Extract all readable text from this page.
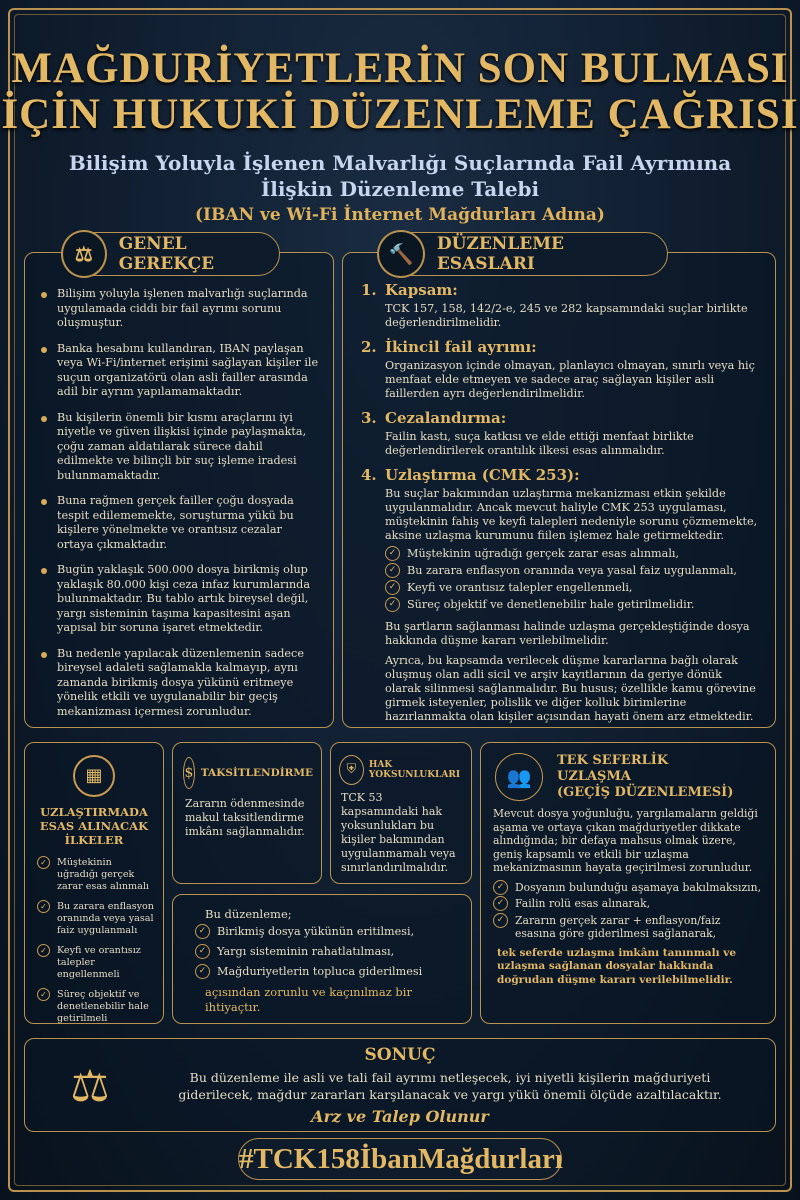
MAĞDURİYETLERİN SON BULMASI
İÇİN HUKUKİ DÜZENLEME ÇAĞRISI
Bilişim Yoluyla İşlenen Malvarlığı Suçlarında Fail Ayrımına
İlişkin Düzenleme Talebi
(IBAN ve Wi-Fi İnternet Mağdurları Adına)
Bilişim yoluyla işlenen malvarlığı suçlarında uygulamada ciddi bir fail ayrımı sorunu oluşmuştur.
Banka hesabını kullandıran, IBAN paylaşan veya Wi-Fi/internet erişimi sağlayan kişiler ile suçun organizatörü olan asli failler arasında adil bir ayrım yapılamamaktadır.
Bu kişilerin önemli bir kısmı araçlarını iyi niyetle ve güven ilişkisi içinde paylaşmakta, çoğu zaman aldatılarak sürece dahil edilmekte ve bilinçli bir suç işleme iradesi bulunmamaktadır.
Buna rağmen gerçek failler çoğu dosyada tespit edilememekte, soruşturma yükü bu kişilere yönelmekte ve orantısız cezalar ortaya çıkmaktadır.
Bugün yaklaşık 500.000 dosya birikmiş olup yaklaşık 80.000 kişi ceza infaz kurumlarında bulunmaktadır. Bu tablo artık bireysel değil, yargı sisteminin taşıma kapasitesini aşan yapısal bir soruna işaret etmektedir.
Bu nedenle yapılacak düzenlemenin sadece bireysel adaleti sağlamakla kalmayıp, aynı zamanda birikmiş dosya yükünü eritmeye yönelik etkili ve uygulanabilir bir geçiş mekanizması içermesi zorunludur.
⚖	GENEL GEREKÇE
1. Kapsam:
TCK 157, 158, 142/2-e, 245 ve 282 kapsamındaki suçlar birlikte değerlendirilmelidir.
2. İkincil fail ayrımı:
Organizasyon içinde olmayan, planlayıcı olmayan, sınırlı veya hiç menfaat elde etmeyen ve sadece araç sağlayan kişiler asli faillerden ayrı değerlendirilmelidir.
3. Cezalandırma:
Failin kastı, suça katkısı ve elde ettiği menfaat birlikte değerlendirilerek orantılık ilkesi esas alınmalıdır.
4. Uzlaştırma (CMK 253):
Bu suçlar bakımından uzlaştırma mekanizması etkin şekilde uygulanmalıdır. Ancak mevcut haliyle CMK 253 uygulaması, müştekinin fahiş ve keyfi talepleri nedeniyle sorunu çözmemekte, aksine uzlaşma kurumunu fiilen işlemez hale getirmektedir.
✓ Müştekinin uğradığı gerçek zarar esas alınmalı,
✓ Bu zarara enflasyon oranında veya yasal faiz uygulanmalı,
✓ Keyfi ve orantısız talepler engellenmeli,
✓ Süreç objektif ve denetlenebilir hale getirilmelidir.
Bu şartların sağlanması halinde uzlaşma gerçekleştiğinde dosya hakkında düşme kararı verilebilmelidir.
Ayrıca, bu kapsamda verilecek düşme kararlarına bağlı olarak oluşmuş olan adli sicil ve arşiv kayıtlarının da geriye dönük olarak silinmesi sağlanmalıdır. Bu husus; özellikle kamu görevine girmek isteyenler, polislik ve diğer kolluk birimlerine hazırlanmakta olan kişiler açısından hayati önem arz etmektedir.
🔨	DÜZENLEME ESASLARI
▦
UZLAŞTIRMADA ESAS ALINACAK İLKELER
✓ Müştekinin uğradığı gerçek zarar esas alınmalı
✓ Bu zarara enflasyon oranında veya yasal faiz uygulanmalı
✓ Keyfi ve orantısız talepler engellenmeli
✓ Süreç objektif ve denetlenebilir hale getirilmeli
$ TAKSİTLENDİRME
Zararın ödenmesinde makul taksitlendirme imkânı sağlanmalıdır.
⛨	HAK YOKSUNLUKLARI
TCK 53 kapsamındaki hak yoksunlukları bu kişiler bakımından uygulanmamalı veya sınırlandırılmalıdır.
Bu düzenleme;
✓ Birikmiş dosya yükünün eritilmesi,
✓ Yargı sisteminin rahatlatılması,
✓ Mağduriyetlerin topluca giderilmesi
açısından zorunlu ve kaçınılmaz bir ihtiyaçtır.
👥
TEK SEFERLİK
UZLAŞMA
(GEÇİŞ DÜZENLEMESİ)
Mevcut dosya yoğunluğu, yargılamaların geldiği aşama ve ortaya çıkan mağduriyetler dikkate alındığında; bir defaya mahsus olmak üzere, geniş kapsamlı ve etkili bir uzlaşma mekanizmasının hayata geçirilmesi zorunludur.
✓ Dosyanın bulunduğu aşamaya bakılmaksızın,
✓ Failin rolü esas alınarak,
✓ Zararın gerçek zarar + enflasyon/faiz esasına göre giderilmesi sağlanarak,
tek seferde uzlaşma imkânı tanınmalı ve uzlaşma sağlanan dosyalar hakkında doğrudan düşme kararı verilebilmelidir.
⚖
SONUÇ
Bu düzenleme ile asli ve tali fail ayrımı netleşecek, iyi niyetli kişilerin mağduriyeti giderilecek, mağdur zararları karşılanacak ve yargı yükü önemli ölçüde azaltılacaktır.
Arz ve Talep Olunur
#TCK158İbanMağdurları
